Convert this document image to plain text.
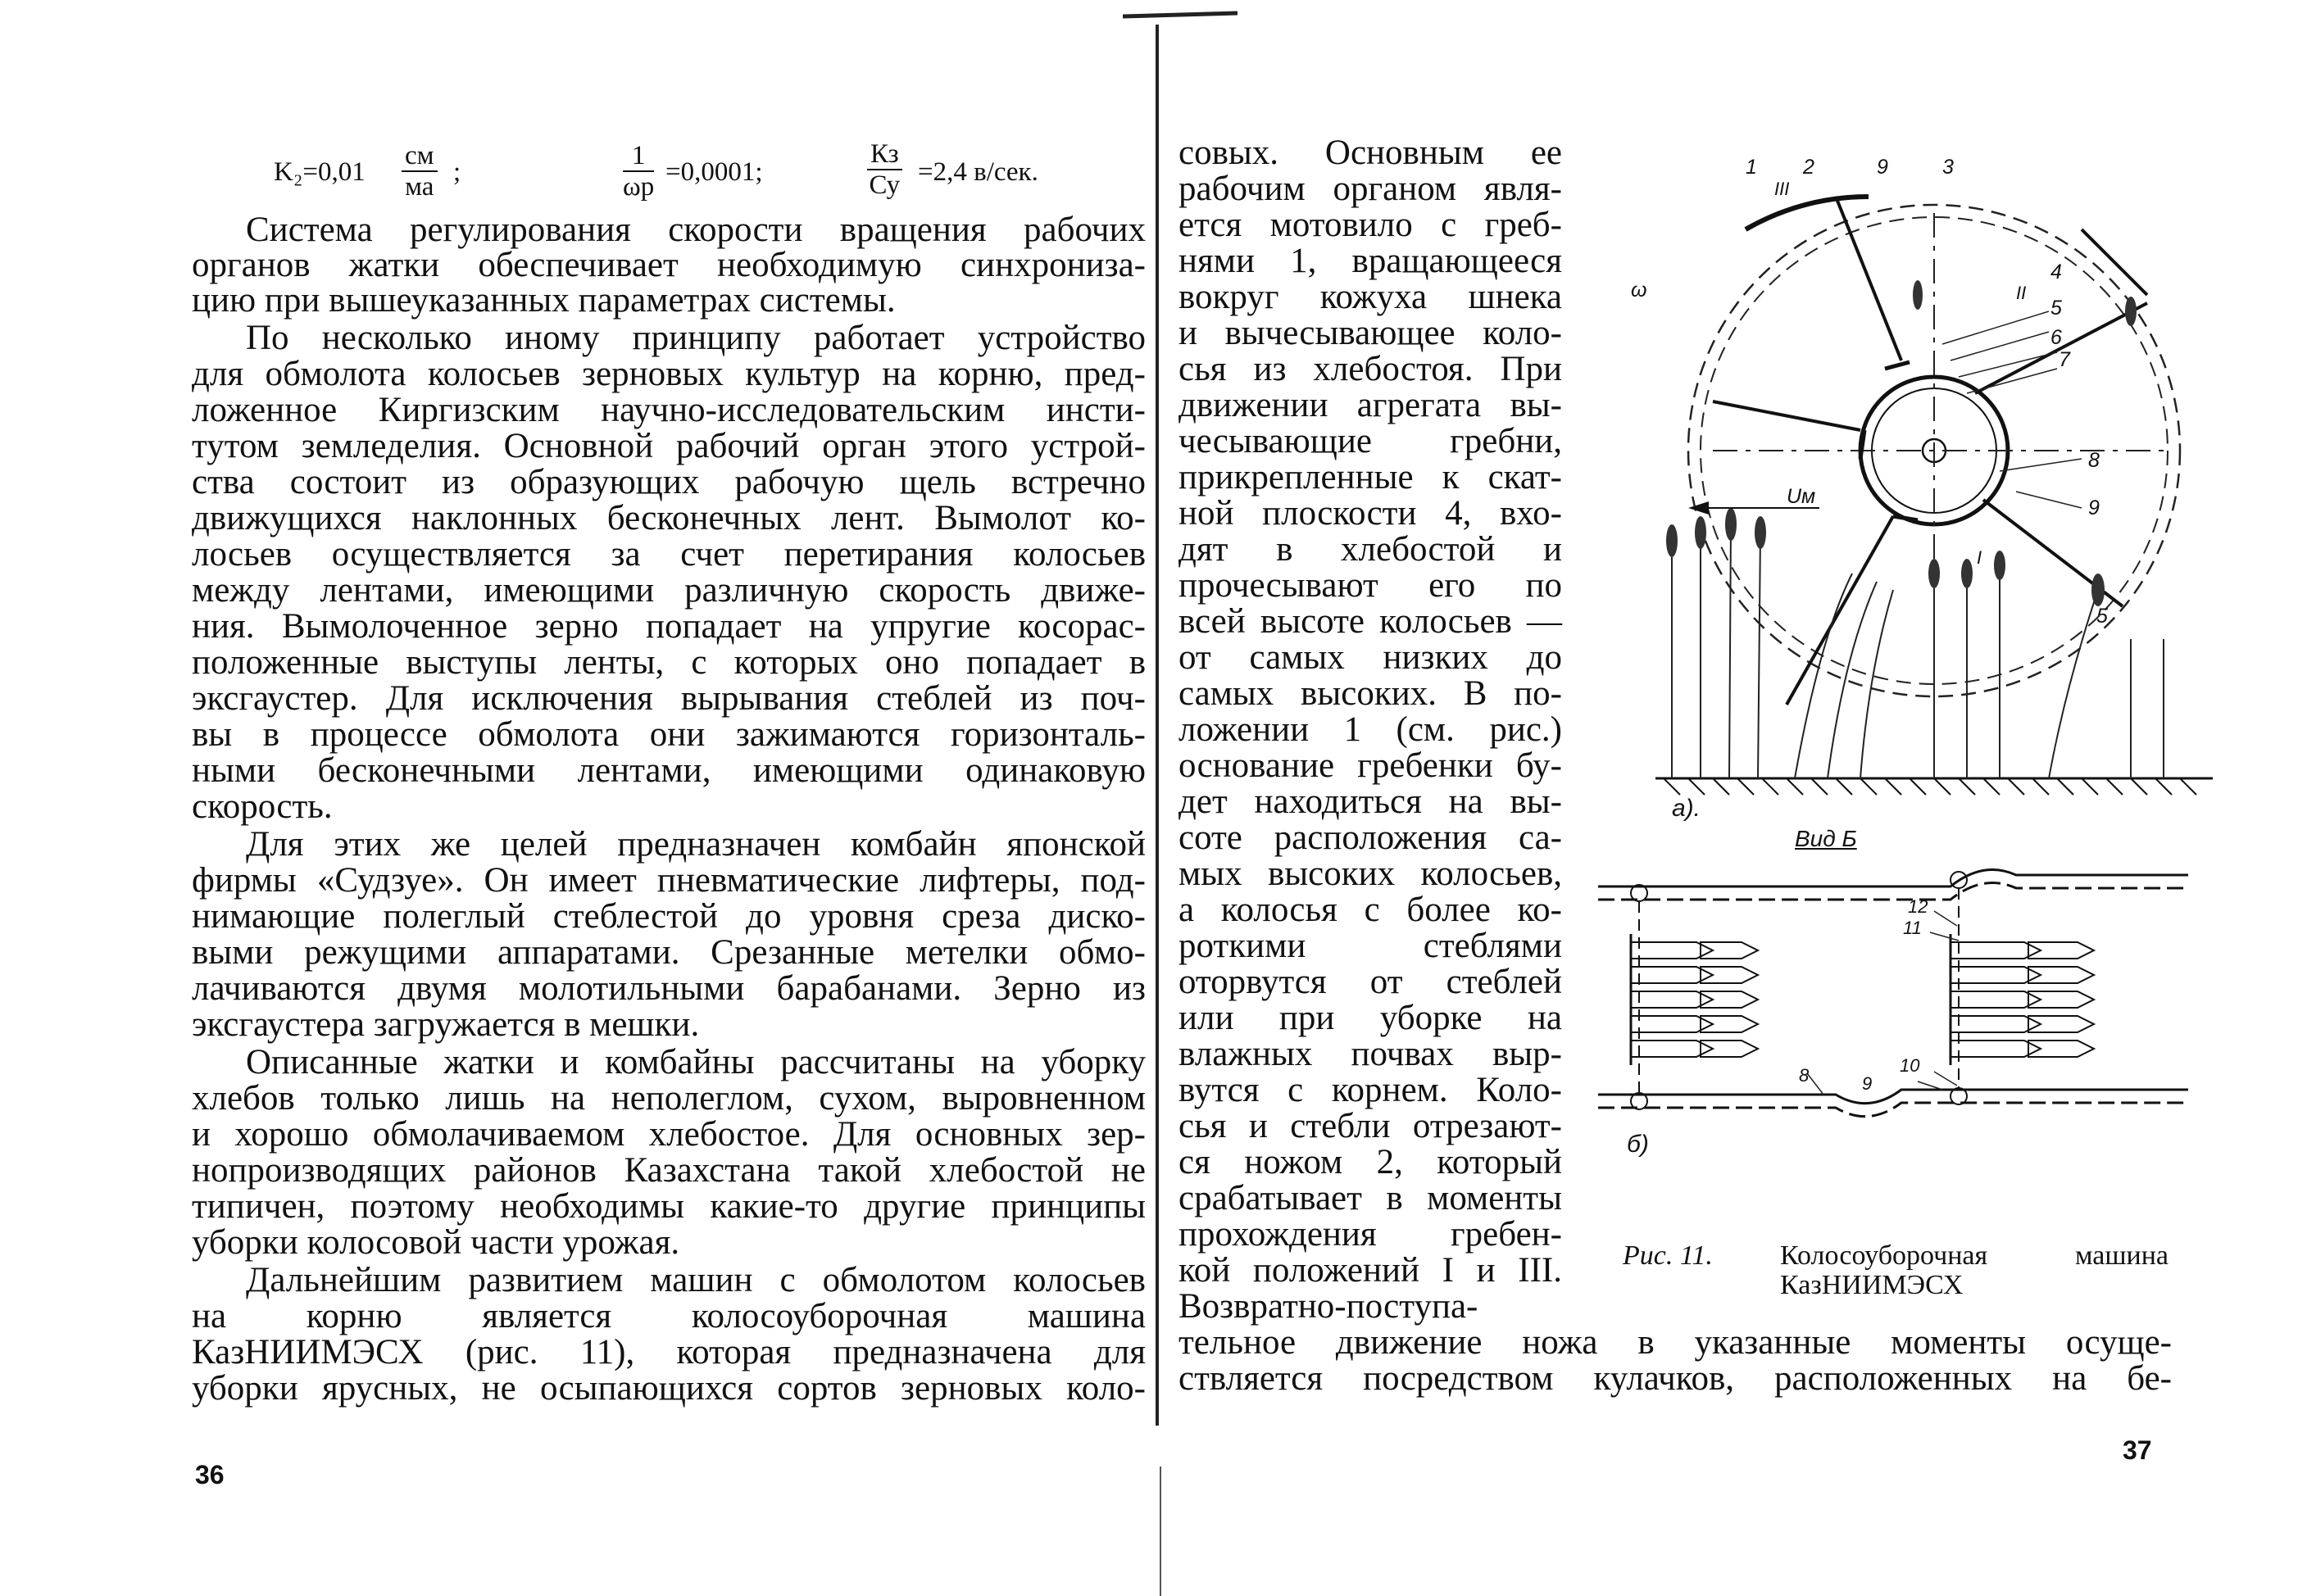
K₂=0,01
см
ма ;
1
ωр =0,0001;
Кз
Су =2,4 в/сек.
Система регулирования скорости вращения рабочих
органов жатки обеспечивает необходимую синхрониза-
цию при вышеуказанных параметрах системы.
По несколько иному принципу работает устройство
для обмолота колосьев зерновых культур на корню, пред-
ложенное Киргизским научно-исследовательским инсти-
тутом земледелия. Основной рабочий орган этого устрой-
ства состоит из образующих рабочую щель встречно
движущихся наклонных бесконечных лент. Вымолот ко-
лосьев осуществляется за счет перетирания колосьев
между лентами, имеющими различную скорость движе-
ния. Вымолоченное зерно попадает на упругие косорас-
положенные выступы ленты, с которых оно попадает в
эксгаустер. Для исключения вырывания стеблей из поч-
вы в процессе обмолота они зажимаются горизонталь-
ными бесконечными лентами, имеющими одинаковую
скорость.
Для этих же целей предназначен комбайн японской
фирмы «Судзуе». Он имеет пневматические лифтеры, под-
нимающие полеглый стеблестой до уровня среза диско-
выми режущими аппаратами. Срезанные метелки обмо-
лачиваются двумя молотильными барабанами. Зерно из
эксгаустера загружается в мешки.
Описанные жатки и комбайны рассчитаны на уборку
хлебов только лишь на неполеглом, сухом, выровненном
и хорошо обмолачиваемом хлебостое. Для основных зер-
нопроизводящих районов Казахстана такой хлебостой не
типичен, поэтому необходимы какие-то другие принципы
уборки колосовой части урожая.
Дальнейшим развитием машин с обмолотом колосьев
на корню является колосоуборочная машина
КазНИИМЭСХ (рис. 11), которая предназначена для
уборки ярусных, не осыпающихся сортов зерновых коло-
36
совых. Основным ее
рабочим органом явля-
ется мотовило с греб-
нями 1, вращающееся
вокруг кожуха шнека
и вычесывающее коло-
сья из хлебостоя. При
движении агрегата вы-
чесывающие гребни,
прикрепленные к скат-
ной плоскости 4, вхо-
дят в хлебостой и
прочесывают его по
всей высоте колосьев —
от самых низких до
самых высоких. В по-
ложении 1 (см. рис.)
основание гребенки бу-
дет находиться на вы-
соте расположения са-
мых высоких колосьев,
а колосья с более ко-
роткими стеблями
оторвутся от стеблей
или при уборке на
влажных почвах выр-
вутся с корнем. Коло-
сья и стебли отрезают-
ся ножом 2, который
срабатывает в моменты
прохождения гребен-
кой положений I и III.
Возвратно-поступа-
тельное движение ножа в указанные моменты осуще-
ствляется посредством кулачков, расположенных на бе-
а).
1 2	9	3
III
II
I
4
5
6
7
8
9
5
Uм
ω
Вид Б
12
11
10
8	9
б)
Рис. 11. Колосоуборочная машина
КазНИИМЭСХ
37
